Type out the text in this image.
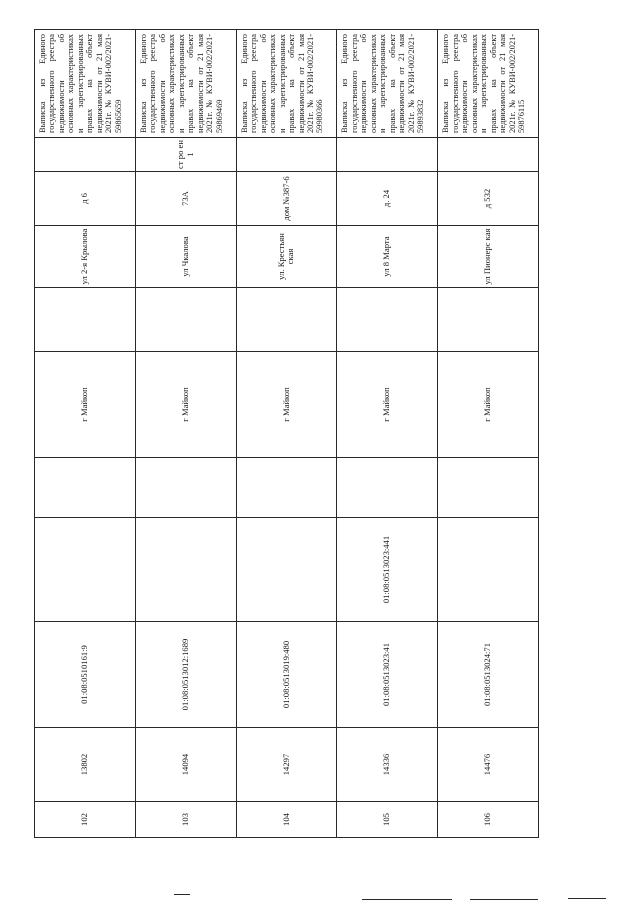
102	13802	01:08:0510161:9			г Майкоп		ул 2-я Крылова	д 6		Выписка из Единого государственного реестра недвижимости об основных характеристиках и зарегистрированных правах на объект недвижимости от 21 мая 2021г. № КУВИ-002/2021-59865659
103	14094	01:08:0513012:1689			г Майкоп		ул Чкалова	73А	ст ро ен 1	Выписка из Единого государственного реестра недвижимости об основных характеристиках и зарегистрированных правах на объект недвижимости от 21 мая 2021г. № КУВИ-002/2021-59869469
104	14297	01:08:0513019:480			г Майкоп		ул. Крестьян ская	дом №387-6		Выписка из Единого государственного реестра недвижимости об основных характеристиках и зарегистрированных правах на объект недвижимости от 21 мая 2021г. № КУВИ-002/2021-59980366
105	14336	01:08:0513023:41	01:08:0513023:441		г Майкоп		ул 8 Марта	д. 24		Выписка из Единого государственного реестра недвижимости об основных характеристиках и зарегистрированных правах на объект недвижимости от 21 мая 2021г. № КУВИ-002/2021-59893832
106	14476	01:08:0513024:71			г Майкоп		ул Пионерс кая	д 532		Выписка из Единого государственного реестра недвижимости об основных характеристиках и зарегистрированных правах на объект недвижимости от 21 мая 2021г. № КУВИ-002/2021-59876115
